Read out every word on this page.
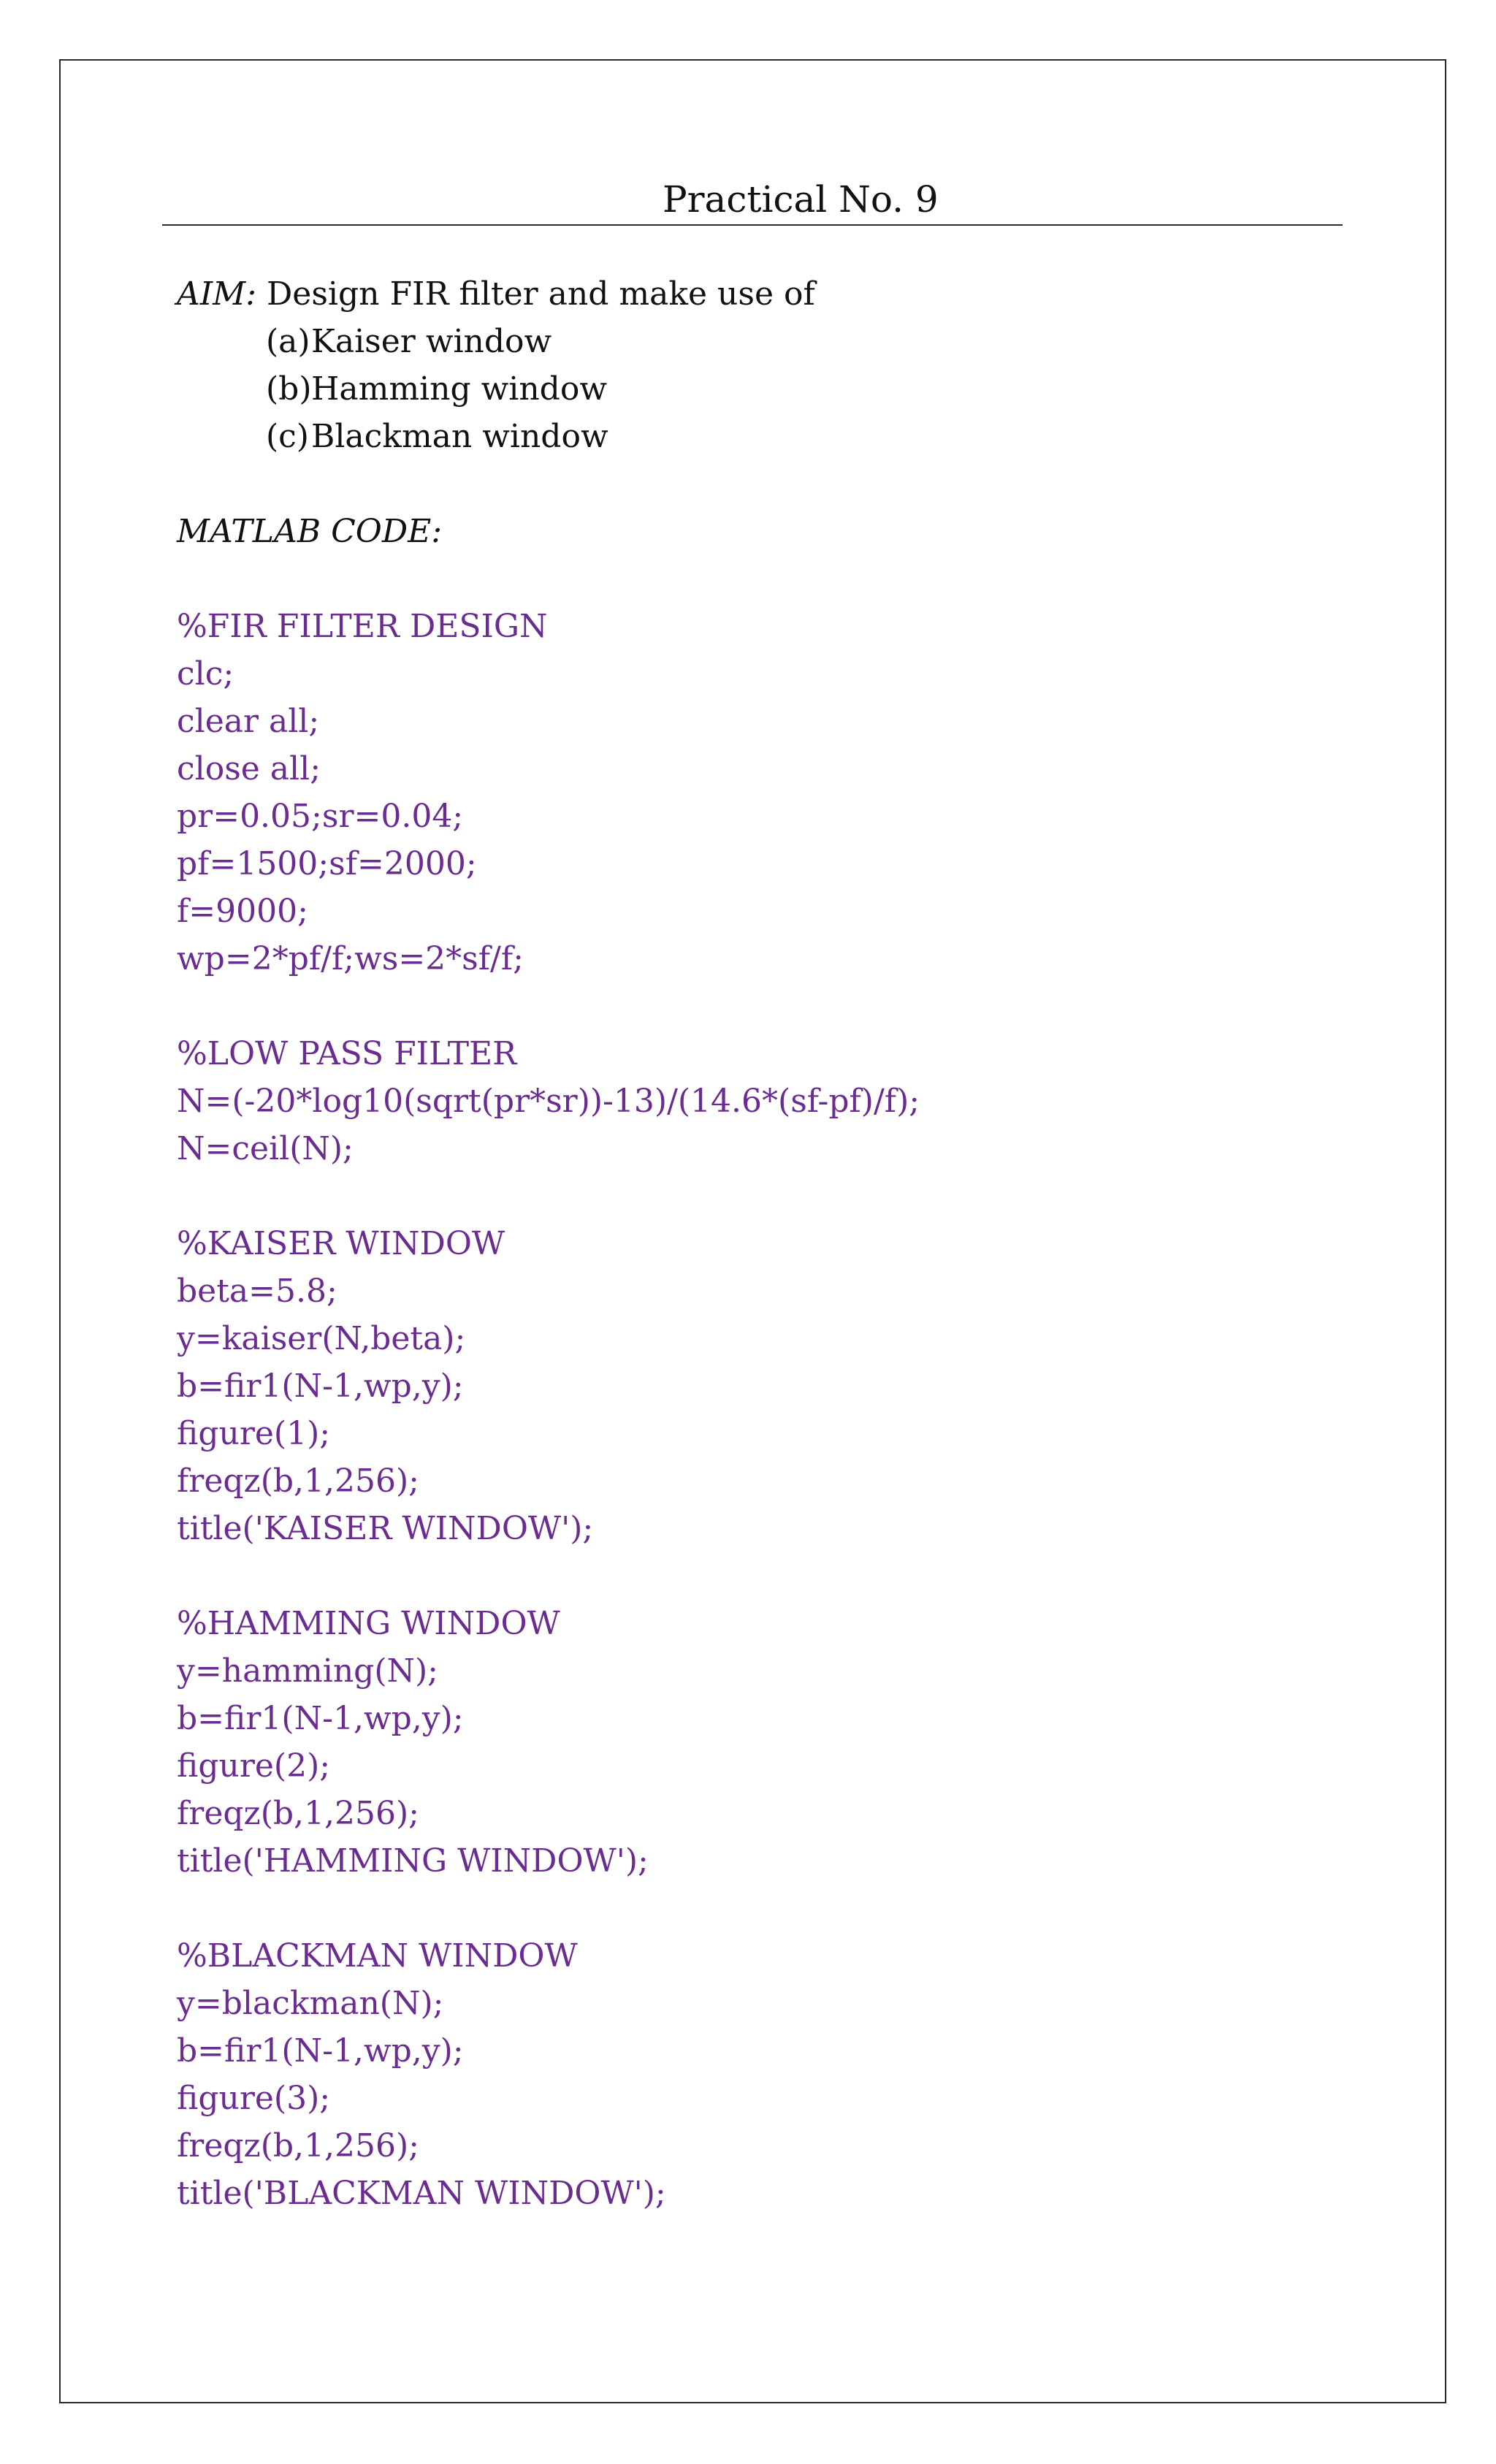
Practical No. 9
AIM: Design FIR filter and make use of
(a) Kaiser window
(b) Hamming window
(c) Blackman window
MATLAB CODE:
%FIR FILTER DESIGN
clc;
clear all;
close all;
pr=0.05;sr=0.04;
pf=1500;sf=2000;
f=9000;
wp=2*pf/f;ws=2*sf/f;
%LOW PASS FILTER
N=(-20*log10(sqrt(pr*sr))-13)/(14.6*(sf-pf)/f);
N=ceil(N);
%KAISER WINDOW
beta=5.8;
y=kaiser(N,beta);
b=fir1(N-1,wp,y);
figure(1);
freqz(b,1,256);
title('KAISER WINDOW');
%HAMMING WINDOW
y=hamming(N);
b=fir1(N-1,wp,y);
figure(2);
freqz(b,1,256);
title('HAMMING WINDOW');
%BLACKMAN WINDOW
y=blackman(N);
b=fir1(N-1,wp,y);
figure(3);
freqz(b,1,256);
title('BLACKMAN WINDOW');
